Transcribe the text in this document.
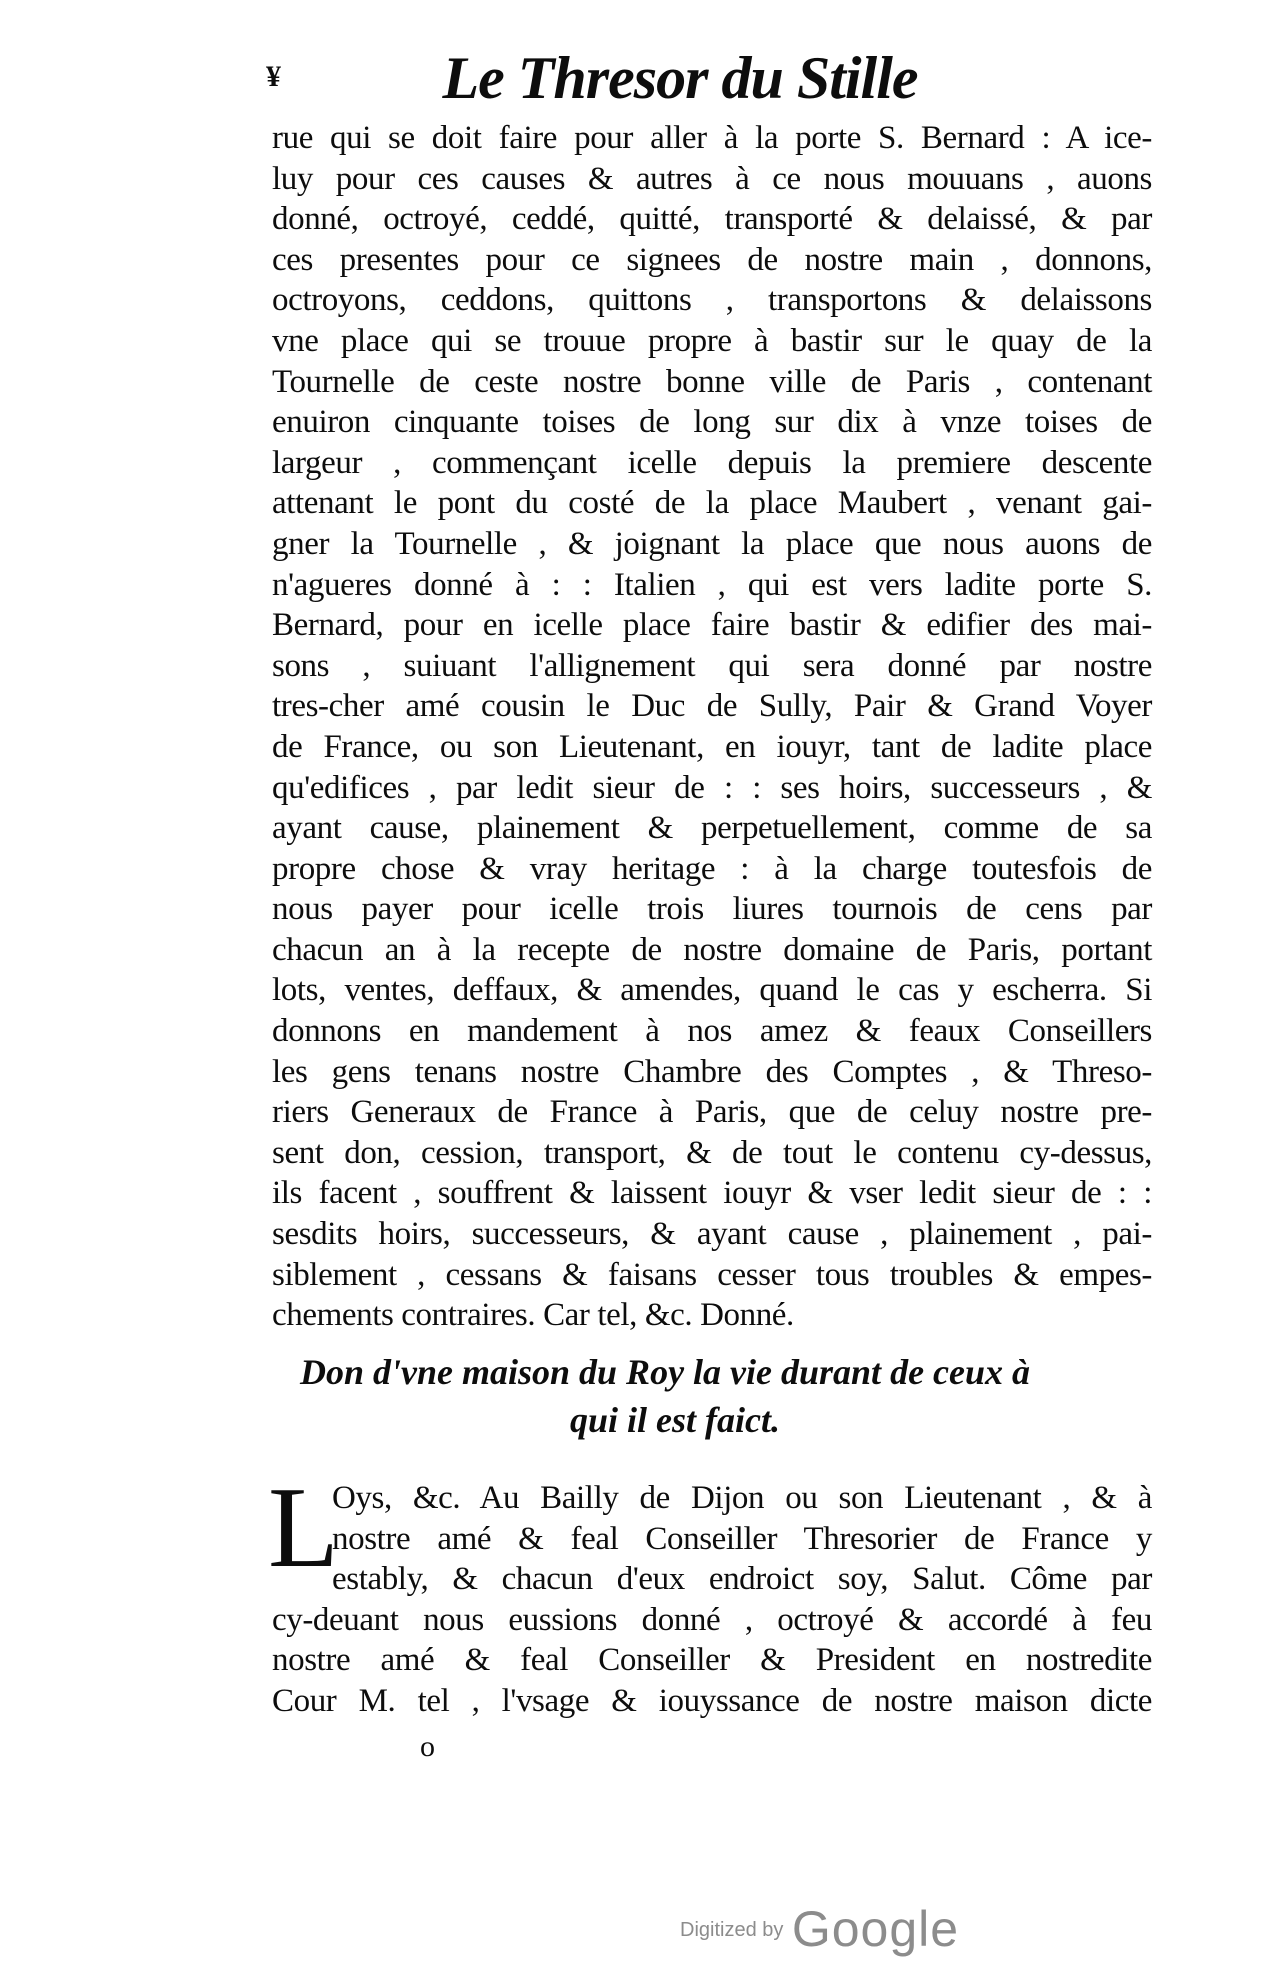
¥	Le Thresor du Stille
rue qui se doit faire pour aller à la porte S. Bernard : A ice-
luy pour ces causes & autres à ce nous mouuans , auons
donné, octroyé, ceddé, quitté, transporté & delaissé, & par
ces presentes pour ce signees de nostre main , donnons,
octroyons, ceddons, quittons , transportons & delaissons
vne place qui se trouue propre à bastir sur le quay de la
Tournelle de ceste nostre bonne ville de Paris , contenant
enuiron cinquante toises de long sur dix à vnze toises de
largeur , commençant icelle depuis la premiere descente
attenant le pont du costé de la place Maubert , venant gai-
gner la Tournelle , & joignant la place que nous auons de
n'agueres donné à : : Italien , qui est vers ladite porte S.
Bernard, pour en icelle place faire bastir & edifier des mai-
sons , suiuant l'allignement qui sera donné par nostre
tres-cher amé cousin le Duc de Sully, Pair & Grand Voyer
de France, ou son Lieutenant, en iouyr, tant de ladite place
qu'edifices , par ledit sieur de : : ses hoirs, successeurs , &
ayant cause, plainement & perpetuellement, comme de sa
propre chose & vray heritage : à la charge toutesfois de
nous payer pour icelle trois liures tournois de cens par
chacun an à la recepte de nostre domaine de Paris, portant
lots, ventes, deffaux, & amendes, quand le cas y escherra. Si
donnons en mandement à nos amez & feaux Conseillers
les gens tenans nostre Chambre des Comptes , & Threso-
riers Generaux de France à Paris, que de celuy nostre pre-
sent don, cession, transport, & de tout le contenu cy-dessus,
ils facent , souffrent & laissent iouyr & vser ledit sieur de : :
sesdits hoirs, successeurs, & ayant cause , plainement , pai-
siblement , cessans & faisans cesser tous troubles & empes-
chements contraires. Car tel, &c. Donné.
Don d'vne maison du Roy la vie durant de ceux à
qui il est faict.
L
Oys, &c. Au Bailly de Dijon ou son Lieutenant , & à
nostre amé & feal Conseiller Thresorier de France y
estably, & chacun d'eux endroict soy, Salut. Côme par
cy-deuant nous eussions donné , octroyé & accordé à feu
nostre amé & feal Conseiller & President en nostredite
Cour M. tel , l'vsage & iouyssance de nostre maison dicte
o
Digitized by Google
